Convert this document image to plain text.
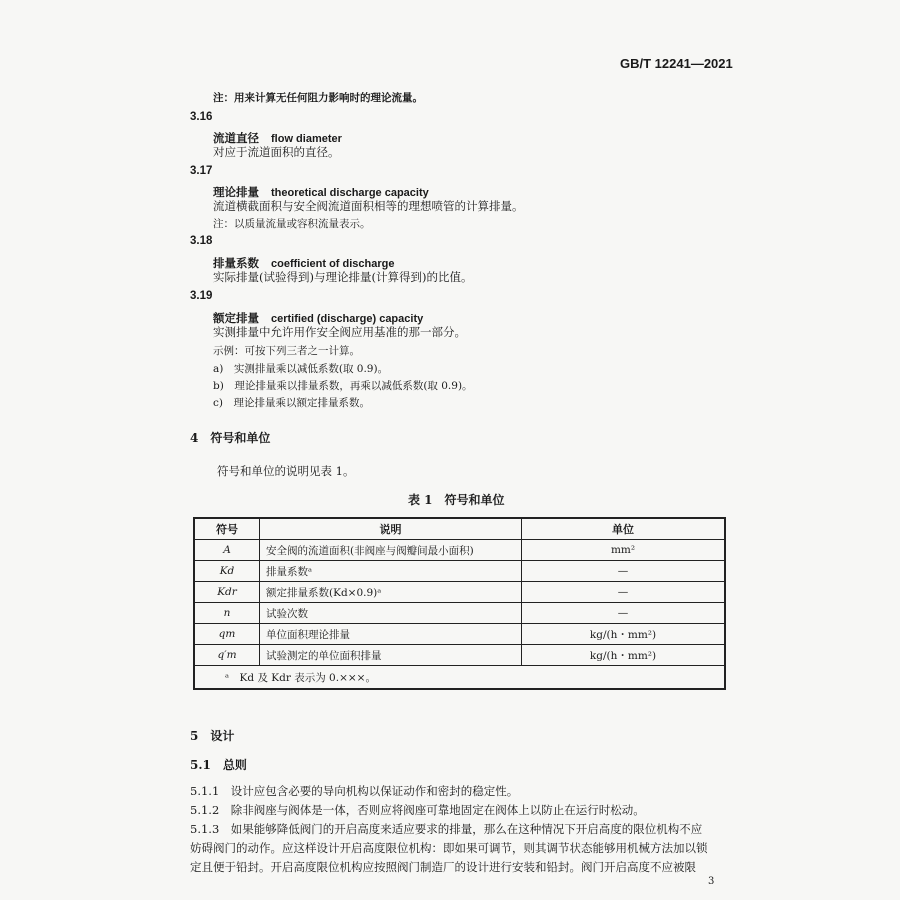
GB/T 12241—2021
注：用来计算无任何阻力影响时的理论流量。
3.16
流道直径 flow diameter
对应于流道面积的直径。
3.17
理论排量 theoretical discharge capacity
流道横截面积与安全阀流道面积相等的理想喷管的计算排量。
注：以质量流量或容积流量表示。
3.18
排量系数 coefficient of discharge
实际排量(试验得到)与理论排量(计算得到)的比值。
3.19
额定排量 certified (discharge) capacity
实测排量中允许用作安全阀应用基准的那一部分。
示例：可按下列三者之一计算。
a)　实测排量乘以减低系数(取 0.9)。
b)　理论排量乘以排量系数，再乘以减低系数(取 0.9)。
c)　理论排量乘以额定排量系数。
4　符号和单位
符号和单位的说明见表 1。
表 1　符号和单位
符号	说明	单位
A	安全阀的流道面积(非阀座与阀瓣间最小面积)	mm²
Kd	排量系数ᵃ	—
Kdr	额定排量系数(Kd×0.9)ᵃ	—
n	试验次数	—
qm	单位面积理论排量	kg/(h・mm²)
q′m	试验测定的单位面积排量	kg/(h・mm²)
ᵃ　Kd 及 Kdr 表示为 0.×××。		
5　设计
5.1　总则
5.1.1　 设计应包含必要的导向机构以保证动作和密封的稳定性。
5.1.2　 除非阀座与阀体是一体，否则应将阀座可靠地固定在阀体上以防止在运行时松动。
5.1.3　 如果能够降低阀门的开启高度来适应要求的排量，那么在这种情况下开启高度的限位机构不应
妨碍阀门的动作。应这样设计开启高度限位机构：即如果可调节，则其调节状态能够用机械方法加以锁
定且便于铅封。开启高度限位机构应按照阀门制造厂的设计进行安装和铅封。阀门开启高度不应被限
3
